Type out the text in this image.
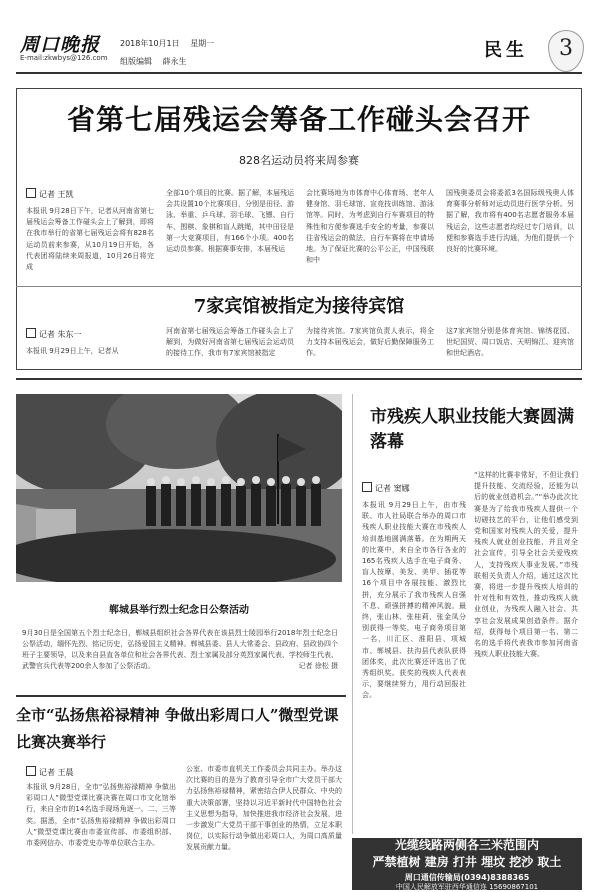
周口晚报
E-mail:zkwbys@126.com
2018年10月1日 星期一
组版编辑 薛永生
民生	3
省第七届残运会筹备工作碰头会召开
828名运动员将来周参赛
记者 王凯
本报讯 9月28日下午，记者从河南省第七届残运会筹备工作碰头会上了解到，即将在我市举行的省第七届残运会将有828名运动员前来参赛，从10月19日开始，各代表团将陆续来周报道，10月26日将完成
全部10个项目的比赛。据了解，本届残运会共设置10个比赛项目，分别是田径、游泳、举重、乒乓球、羽毛球、飞镖、自行车、围棋、象棋和盲人跳绳，其中田径是第一大竞赛项目，有166个小项。400名运动员参赛。根据赛事安排，本届残运
会比赛场地为市体育中心体育场、老年人健身馆、羽毛球馆、宣竞技训练馆、游泳馆等。同时，为考虑到自行车赛项目的特殊性和方便参赛选手安全的考量，参赛以往省残运会的做法，自行车赛将在申请场地。为了保证比赛的公平公正，中国残联和中
国残奥委员会将委派3名国际级残奥人体育赛事分析师对运动员进行医学分析。另据了解，我市将有400名志愿者服务本届残运会，这些志愿者均经过专门培训，以便和参赛选手进行沟通，为他们提供一个良好的比赛环境。
7家宾馆被指定为接待宾馆
记者 朱东一
本报讯 9月29日上午，记者从
河南省第七届残运会筹备工作碰头会上了解到，为做好河南省第七届残运会运动员的接待工作，我市有7家宾馆被指定
为接待宾馆。7家宾馆负责人表示，将全力支持本届残运会，做好后勤保障服务工作。
这7家宾馆分别是体育宾馆、锦绣花园、世纪国贸、周口饭店、天明锦江、迎宾馆和世纪酒店。
郸城县举行烈士纪念日公祭活动
9月30日是全国第五个烈士纪念日，郸城县组织社会各界代表在该县烈士陵园举行2018年烈士纪念日公祭活动，缅怀先烈、铭记历史，弘扬爱国主义精神。郸城县委、县人大常委会、县政府、县政协四个班子主要领导，以及来自县直各单位和社会各界代表、烈士家属及部分英烈家属代表、学校师生代表、武警官兵代表等200余人参加了公祭活动。	记者 徐松 摄
市残疾人职业技能大赛圆满落幕
记者 窦娜
本报讯 9月29日上午，由市残联、市人社局联合举办的周口市残疾人职业技能大赛在市残疾人培训基地圆满落幕。在为期两天的比赛中，来自全市各行各业的165名残疾人选手在电子商务、盲人按摩、美发、美甲、插花等16个项目中各展技能、激烈比拼，充分展示了我市残疾人自强不息、顽强拼搏的精神风貌。最终，张山林、张桂莉、张金凤分别获得一等奖，电子商务项目第一名，川汇区、淮阳县、项城市、郸城县、扶沟县代表队获得团体奖，此次比赛还评选出了优秀组织奖。获奖的残疾人代表表示，要继续努力，用行动回报社会。
“这样的比赛非常好，不但让我们提升技能、交流经验，还能为以后的就业创造机会。”“举办此次比赛是为了给我市残疾人提供一个切磋技艺的平台，让他们感受到党和国家对残疾人的关爱，提升残疾人就业创业技能，并且对全社会宣传，引导全社会关爱残疾人，支持残疾人事业发展。”市残联相关负责人介绍，通过这次比赛，将进一步提升残疾人培训的针对性和有效性，推动残疾人就业创业，为残疾人融入社会、共享社会发展成果创造条件。据介绍，获得每个项目第一名、第二名的选手将代表我市参加河南省残疾人职业技能大赛。
全市“弘扬焦裕禄精神 争做出彩周口人”微型党课比赛决赛举行
记者 王晨
本报讯 9月28日，全市“弘扬焦裕禄精神 争做出彩周口人”微型党课比赛决赛在周口市文化馆举行，来自全市的14名选手现场角逐一、二、三等奖。据悉，全市“弘扬焦裕禄精神 争做出彩周口人”微型党课比赛由市委宣传部、市委组织部、市委网信办、市委党史办等单位联合主办。
公室、市委市直机关工作委员会共同主办。举办这次比赛的目的是为了教育引导全市广大党员干部大力弘扬焦裕禄精神，紧密结合伊人民群众、中央的重大决策部署，坚持以习近平新时代中国特色社会主义思想为指导，加快推进我市经济社会发展，进一步激发广大党员干部干事创业的热情，立足本职岗位，以实际行动争做出彩周口人，为周口高质量发展贡献力量。	光缆线路两侧各三米范围内
严禁植树 建房 打井 埋坟 挖沙 取土
周口通信传输局(0394)8388365
中国人民解放军驻西华通信连 15690867101
